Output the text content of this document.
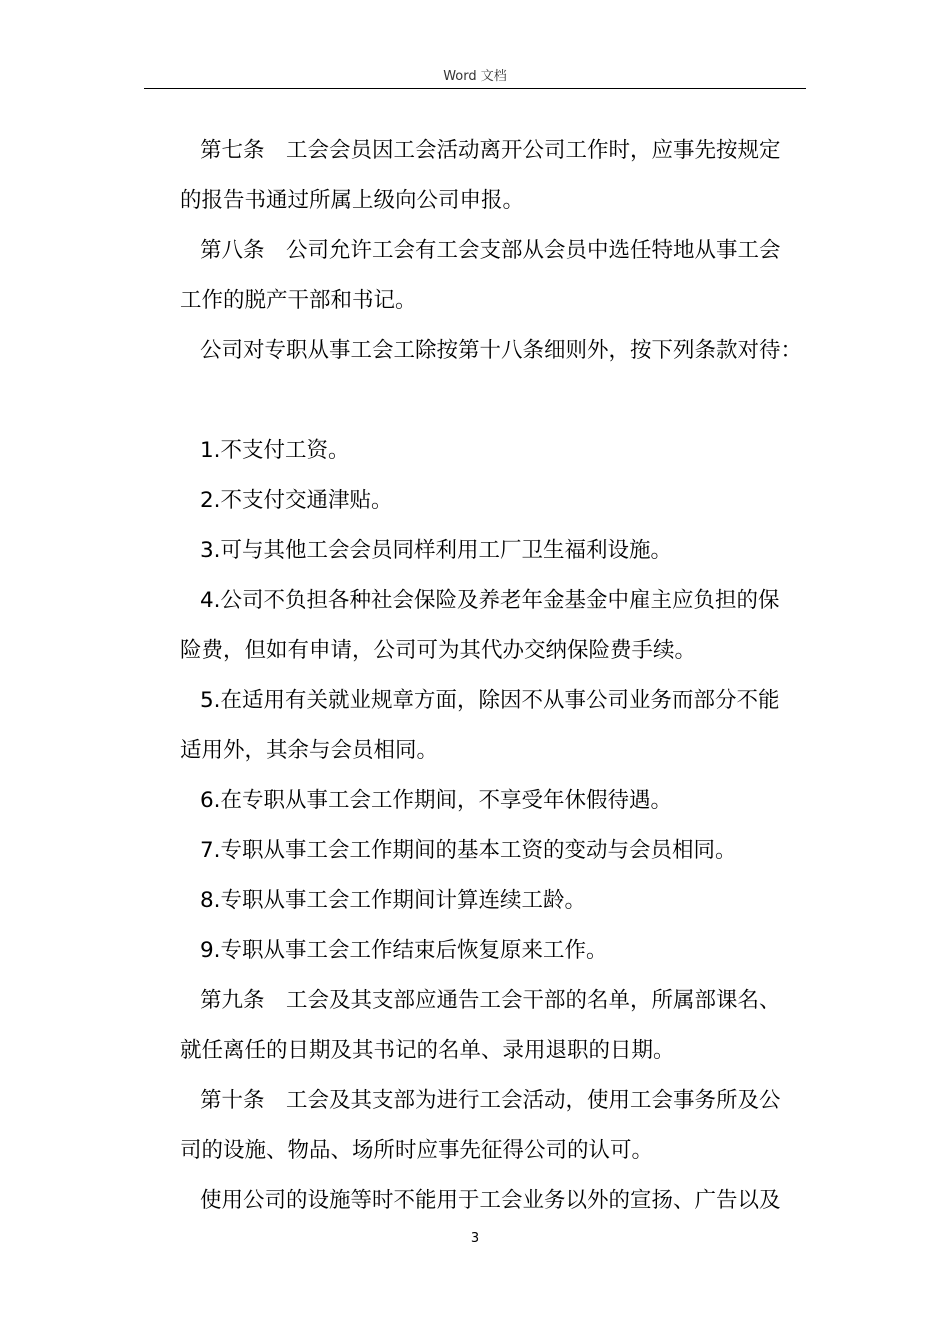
Word 文档

第七条　工会会员因工会活动离开公司工作时，应事先按规定

的报告书通过所属上级向公司申报。

第八条　公司允许工会有工会支部从会员中选任特地从事工会

工作的脱产干部和书记。

公司对专职从事工会工除按第十八条细则外，按下列条款对待：

1.不支付工资。

2.不支付交通津贴。

3.可与其他工会会员同样利用工厂卫生福利设施。

4.公司不负担各种社会保险及养老年金基金中雇主应负担的保

险费，但如有申请，公司可为其代办交纳保险费手续。

5.在适用有关就业规章方面，除因不从事公司业务而部分不能

适用外，其余与会员相同。

6.在专职从事工会工作期间，不享受年休假待遇。

7.专职从事工会工作期间的基本工资的变动与会员相同。

8.专职从事工会工作期间计算连续工龄。

9.专职从事工会工作结束后恢复原来工作。

第九条　工会及其支部应通告工会干部的名单，所属部课名、

就任离任的日期及其书记的名单、录用退职的日期。

第十条　工会及其支部为进行工会活动，使用工会事务所及公

司的设施、物品、场所时应事先征得公司的认可。

使用公司的设施等时不能用于工会业务以外的宣扬、广告以及

3
